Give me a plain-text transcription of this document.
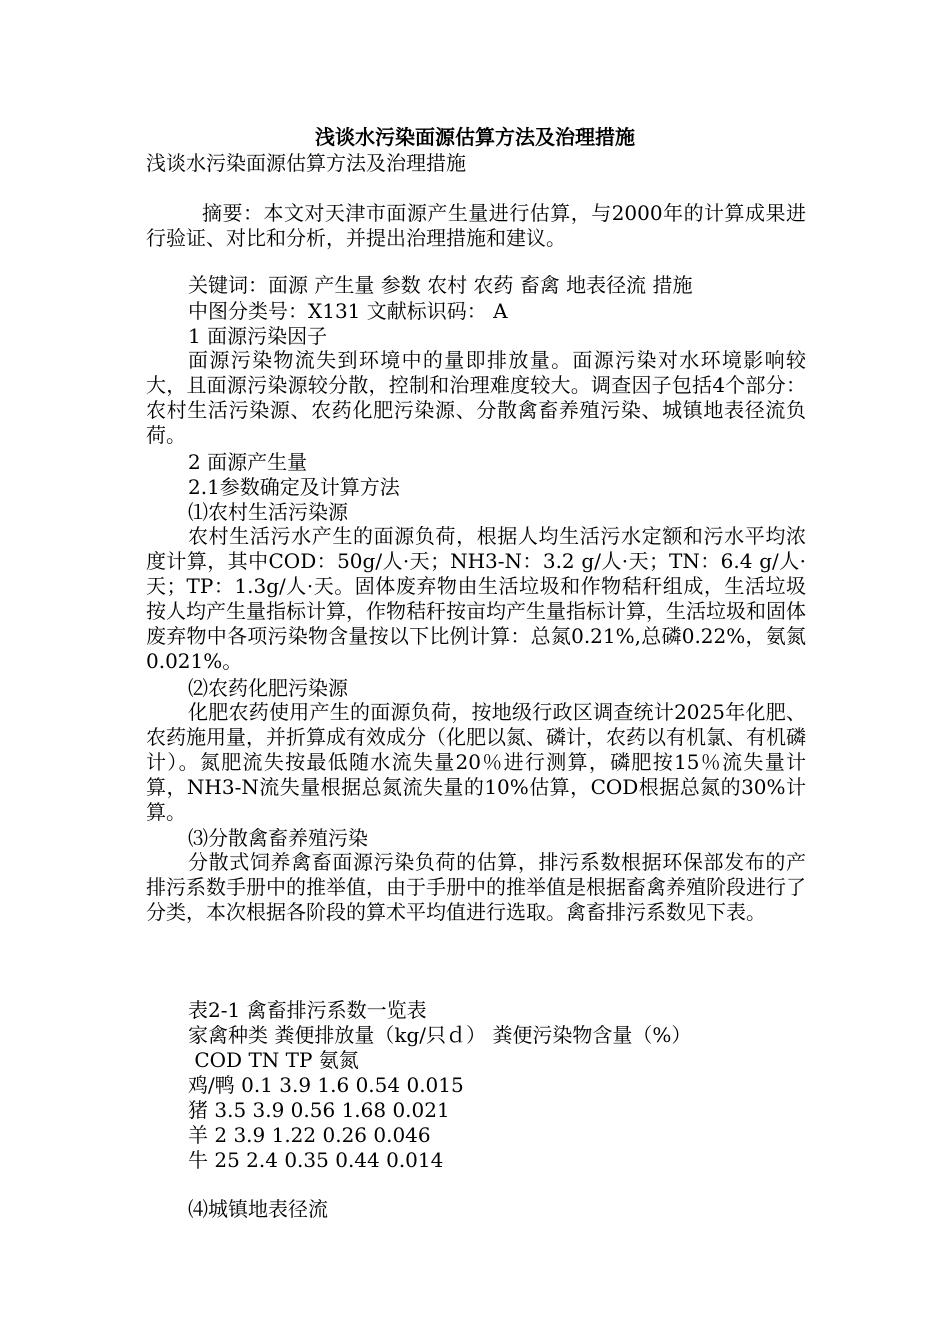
浅谈水污染面源估算方法及治理措施
浅谈水污染面源估算方法及治理措施
摘要：本文对天津市面源产生量进行估算，与2000年的计算成果进行验证、对比和分析，并提出治理措施和建议。
关键词：面源 产生量 参数 农村 农药 畜禽 地表径流 措施
中图分类号：X131 文献标识码： A
1 面源污染因子
面源污染物流失到环境中的量即排放量。面源污染对水环境影响较大，且面源污染源较分散，控制和治理难度较大。调查因子包括4个部分：农村生活污染源、农药化肥污染源、分散禽畜养殖污染、城镇地表径流负荷。
2 面源产生量
2.1参数确定及计算方法
⑴农村生活污染源
农村生活污水产生的面源负荷，根据人均生活污水定额和污水平均浓度计算，其中COD：50g/人·天；NH3-N：3.2 g/人·天；TN：6.4 g/人·天；TP：1.3g/人·天。固体废弃物由生活垃圾和作物秸秆组成，生活垃圾按人均产生量指标计算，作物秸秆按亩均产生量指标计算，生活垃圾和固体废弃物中各项污染物含量按以下比例计算：总氮0.21%,总磷0.22%，氨氮0.021%。
⑵农药化肥污染源
化肥农药使用产生的面源负荷，按地级行政区调查统计2025年化肥、农药施用量，并折算成有效成分（化肥以氮、磷计，农药以有机氯、有机磷计）。氮肥流失按最低随水流失量20％进行测算，磷肥按15％流失量计算，NH3-N流失量根据总氮流失量的10%估算，COD根据总氮的30%计算。
⑶分散禽畜养殖污染
分散式饲养禽畜面源污染负荷的估算，排污系数根据环保部发布的产排污系数手册中的推举值，由于手册中的推举值是根据畜禽养殖阶段进行了分类，本次根据各阶段的算术平均值进行选取。禽畜排污系数见下表。
表2-1 禽畜排污系数一览表
家禽种类 粪便排放量（kg/只ｄ） 粪便污染物含量（%）
COD TN TP 氨氮
鸡/鸭 0.1 3.9 1.6 0.54 0.015
猪 3.5 3.9 0.56 1.68 0.021
羊 2 3.9 1.22 0.26 0.046
牛 25 2.4 0.35 0.44 0.014
⑷城镇地表径流
